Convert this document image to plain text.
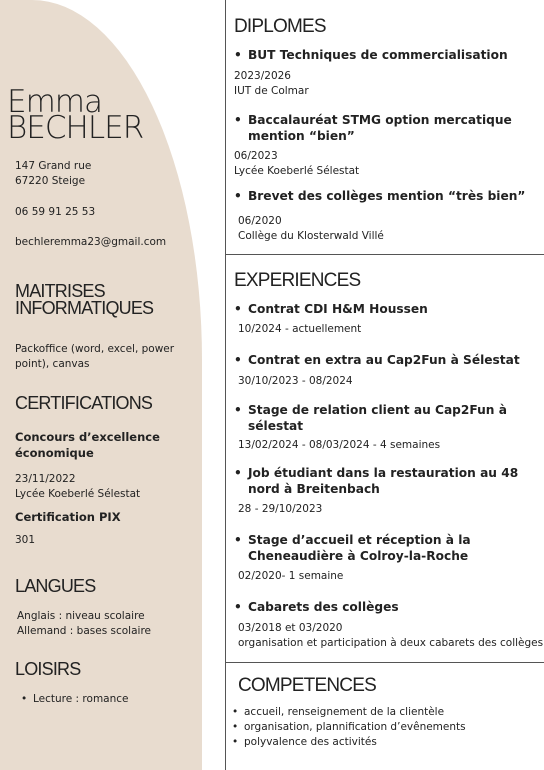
Emma
BECHLER
147 Grand rue
67220 Steige
06 59 91 25 53
bechleremma23@gmail.com
MAITRISES
INFORMATIQUES
Packoffice (word, excel, power
point), canvas
CERTIFICATIONS
Concours d’excellence
économique
23/11/2022
Lycée Koeberlé Sélestat
Certification PIX
301
LANGUES
Anglais : niveau scolaire
Allemand : bases scolaire
LOISIRS
• Lecture : romance
DIPLOMES
• BUT Techniques de commercialisation
2023/2026
IUT de Colmar
• Baccalauréat STMG option mercatique
mention “bien”
06/2023
Lycée Koeberlé Sélestat
• Brevet des collèges mention “très bien”
06/2020
Collège du Klosterwald Villé
EXPERIENCES
• Contrat CDI H&M Houssen
10/2024 - actuellement
• Contrat en extra au Cap2Fun à Sélestat
30/10/2023 - 08/2024
• Stage de relation client au Cap2Fun à
sélestat
13/02/2024 - 08/03/2024 - 4 semaines
• Job étudiant dans la restauration au 48
nord à Breitenbach
28 - 29/10/2023
• Stage d’accueil et réception à la
Cheneaudière à Colroy-la-Roche
02/2020- 1 semaine
• Cabarets des collèges
03/2018 et 03/2020
organisation et participation à deux cabarets des collèges
COMPETENCES
• accueil, renseignement de la clientèle
• organisation, plannification d’evênements
• polyvalence des activités
